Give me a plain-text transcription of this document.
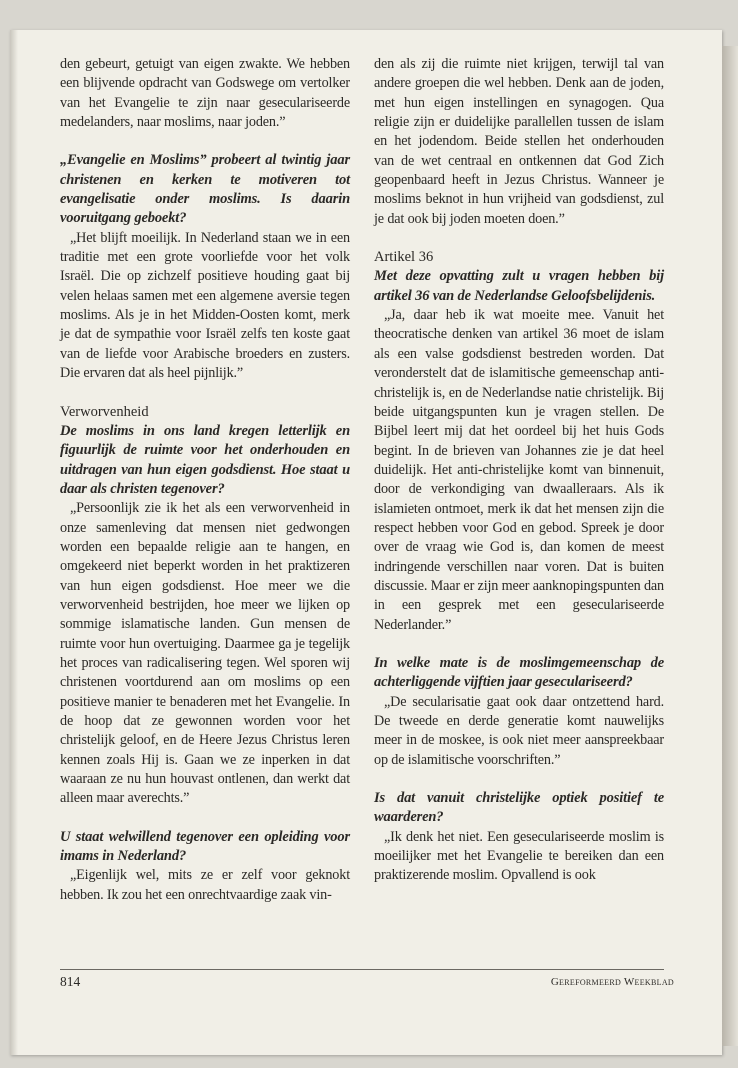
den gebeurt, getuigt van eigen zwakte. We hebben een blijvende opdracht van Godswege om vertolker van het Evangelie te zijn naar geseculariseerde medelanders, naar moslims, naar joden.”

„Evangelie en Moslims” probeert al twintig jaar christenen en kerken te motiveren tot evangelisatie onder moslims. Is daarin vooruitgang geboekt?

„Het blijft moeilijk. In Nederland staan we in een traditie met een grote voorliefde voor het volk Israël. Die op zichzelf positieve houding gaat bij velen helaas samen met een algemene aversie tegen moslims. Als je in het Midden-Oosten komt, merk je dat de sympathie voor Israël zelfs ten koste gaat van de liefde voor Arabische broeders en zusters. Die ervaren dat als heel pijnlijk.”

Verworvenheid

De moslims in ons land kregen letterlijk en figuurlijk de ruimte voor het onderhouden en uitdragen van hun eigen godsdienst. Hoe staat u daar als christen tegenover?

„Persoonlijk zie ik het als een verworvenheid in onze samenleving dat mensen niet gedwongen worden een bepaalde religie aan te hangen, en omgekeerd niet beperkt worden in het praktizeren van hun eigen godsdienst. Hoe meer we die verworvenheid bestrijden, hoe meer we lijken op sommige islamatische landen. Gun mensen de ruimte voor hun overtuiging. Daarmee ga je tegelijk het proces van radicalisering tegen. Wel sporen wij christenen voortdurend aan om moslims op een positieve manier te benaderen met het Evangelie. In de hoop dat ze gewonnen worden voor het christelijk geloof, en de Heere Jezus Christus leren kennen zoals Hij is. Gaan we ze inperken in dat waaraan ze nu hun houvast ontlenen, dan werkt dat alleen maar averechts.”

U staat welwillend tegenover een opleiding voor imams in Nederland?

„Eigenlijk wel, mits ze er zelf voor geknokt hebben. Ik zou het een onrechtvaardige zaak vin-

den als zij die ruimte niet krijgen, terwijl tal van andere groepen die wel hebben. Denk aan de joden, met hun eigen instellingen en synagogen. Qua religie zijn er duidelijke parallellen tussen de islam en het jodendom. Beide stellen het onderhouden van de wet centraal en ontkennen dat God Zich geopenbaard heeft in Jezus Christus. Wanneer je moslims beknot in hun vrijheid van godsdienst, zul je dat ook bij joden moeten doen.”

Artikel 36

Met deze opvatting zult u vragen hebben bij artikel 36 van de Nederlandse Geloofsbelijdenis.

„Ja, daar heb ik wat moeite mee. Vanuit het theocratische denken van artikel 36 moet de islam als een valse godsdienst bestreden worden. Dat veronderstelt dat de islamitische gemeenschap anti-christelijk is, en de Nederlandse natie christelijk. Bij beide uitgangspunten kun je vragen stellen. De Bijbel leert mij dat het oordeel bij het huis Gods begint. In de brieven van Johannes zie je dat heel duidelijk. Het anti-christelijke komt van binnenuit, door de verkondiging van dwaalleraars. Als ik islamieten ontmoet, merk ik dat het mensen zijn die respect hebben voor God en gebod. Spreek je door over de vraag wie God is, dan komen de meest indringende verschillen naar voren. Dat is buiten discussie. Maar er zijn meer aanknopingspunten dan in een gesprek met een geseculariseerde Nederlander.”

In welke mate is de moslimgemeenschap de achterliggende vijftien jaar geseculariseerd?

„De secularisatie gaat ook daar ontzettend hard. De tweede en derde generatie komt nauwelijks meer in de moskee, is ook niet meer aanspreekbaar op de islamitische voorschriften.”

Is dat vanuit christelijke optiek positief te waarderen?

„Ik denk het niet. Een geseculariseerde moslim is moeilijker met het Evangelie te bereiken dan een praktizerende moslim. Opvallend is ook

814	Gereformeerd Weekblad
